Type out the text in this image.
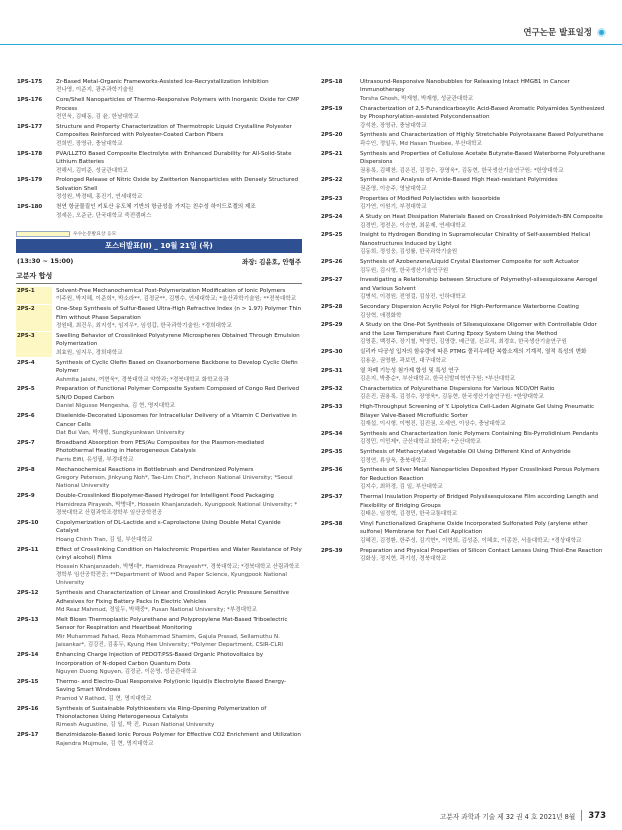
연구논문 발표일정
1PS-175	Zr-Based Metal-Organic Frameworks-Assisted Ice-Recrystallization Inhibition
전나영, 이준지, 광주과학기술원
1PS-176	Core/Shell Nanoparticles of Thermo-Responsive Polymers with Inorganic Oxide for CMP Process
전민욱, 김태동, 김 윤, 한남대학교
1PS-177	Structure and Property Characterization of Thermotropic Liquid Crystalline Polyester Composites Reinforced with Polyester-Coated Carbon Fibers
전희빈, 장영규, 충남대학교
1PS-178	PVA/LLZTO Based Composite Electrolyte with Enhanced Durability for All-Solid-State Lithium Batteries
전해서, 김미준, 성균관대학교
1PS-179	Prolonged Release of Nitric Oxide by Zwitterion Nanoparticles with Densely Structured Solvation Shell
정성원, 박경태, 홍진기, 연세대학교
1PS-180	천연 항균물질인 키토산 유도체 기반의 항균성을 가지는 친수성 하이드로겔의 제조
정세은, 오준균, 단국대학교 죽전캠퍼스
우수논문발표상 응모
포스터발표(II) _ 10월 21일 (목)
(13:30 ~ 15:00)	좌장: 김윤호, 안형주
고분자 합성
2PS-1	Solvent-Free Mechanochemical Post-Polymerization Modification of Ionic Polymers
이주원, 박지혜, 이준희*, 박소라**, 김정균**, 김병수, 연세대학교; *울산과학기술원; **전북대학교
2PS-2	One-Step Synthesis of Sulfur-Based Ultra-High Refractive Index (n > 1.97) Polymer Thin Film without Phase Separation
정원태, 최건우, 최지성*, 임지우*, 임성갑, 한국과학기술원; *경희대학교
2PS-3	Swelling Behavior of Crosslinked Polystyrene Microspheres Obtained Through Emulsion Polymerization
최효원, 임지우, 경희대학교
2PS-4	Synthesis of Cyclic Olefin Based on Oxanorbornene Backbone to Develop Cyclic Olefin Polymer
Ashmita Jaishi, 여현욱*, 경북대학교 약학과; *경북대학교 화학교육과
2PS-5	Preparation of Functional Polymer Composite System Composed of Congo Red Derived S/N/O Doped Carbon
Daniel Nigusse Mengesha, 김 현, 명지대학교
2PS-6	Diselenide-Decorated Liposomes for Intracellular Delivery of a Vitamin C Derivative in Cancer Cells
Dat Bui Van, 박재형, Sungkyunkwan University
2PS-7	Broadband Absorption from PES/Au Composites for the Plasmon-mediated Photothermal Heating in Heterogeneous Catalysis
Farris Elfil, 유성필, 부경대학교
2PS-8	Mechanochemical Reactions in Bottlebrush and Dendronized Polymers
Gregory Peterson, Jinkyung Noh*, Tae-Lim Choi*, Incheon National University; *Seoul National University
2PS-9	Double-Crosslinked Biopolymer-Based Hydrogel for Intelligent Food Packaging
Hamidreza Pirayesh, 박병대*, Hossein Khanjanzadeh, Kyungpook National University; *경북대학교 산림과학조경학부 임산공학전공
2PS-10	Copolymerization of DL-Lactide and ε-Caprolactone Using Double Metal Cyanide Catalyst
Hoang Chinh Tran, 김 일, 부산대학교
2PS-11	Effect of Crosslinking Condition on Halochromic Properties and Water Resistance of Poly (vinyl alcohol) Films
Hossein Khanjanzadeh, 박병대*, Hamidreza Pirayesh**, 경북대학교; *경북대학교 산림과학조경학부 임산공학전공; **Department of Wood and Paper Science, Kyungpook National University
2PS-12	Synthesis and Characterization of Linear and Crosslinked Acrylic Pressure Sensitive Adhesives for Fixing Battery Packs In Electric Vehicles
Md Reaz Mahmud, 정일두, 박해중*, Pusan National University; *부경대학교
2PS-13	Melt Blown Thermoplastic Polyurethane and Polypropylene Mat-Based Triboelectric Sensor for Respiration and Heartbeat Monitoring
Mir Muhammad Fahad, Reza Mohammad Shamim, Gajula Prasad, Sellamuthu N. Jaisankar*, 김강진, 김홍두, Kyung Hee University; *Polymer Department, CSIR-CLRI
2PS-14	Enhancing Charge Injection of PEDOT:PSS-Based Organic Photovoltaics by Incorporation of N-doped Carbon Quantum Dots
Nguyen Duong Nguyen, 김정균, 이은영, 성균관대학교
2PS-15	Thermo- and Electro-Dual Responsive Poly(ionic liquid)s Electrolyte Based Energy-Saving Smart Windows
Pramod V Rathod, 김 현, 명지대학교
2PS-16	Synthesis of Sustainable Polythioesters via Ring-Opening Polymerization of Thionolactones Using Heterogeneous Catalysts
Rimesh Augustine, 김 일, 박 진, Pusan National University
2PS-17	Benzimidazole-Based Ionic Porous Polymer for Effective CO2 Enrichment and Utilization
Rajendra Mujmule, 김 현, 명지대학교
2PS-18	Ultrasound-Responsive Nanobubbles for Releasing Intact HMGB1 in Cancer Immunotherapy
Torsha Ghosh, 박재형, 박재형, 성균관대학교
2PS-19	Characterization of 2,5-Furandicarboxylic Acid-Based Aromatic Polyamides Synthesized by Phosphorylation-assisted Polycondensation
강석찬, 장영규, 충남대학교
2PS-20	Synthesis and Characterization of Highly Stretchable Polyrotaxane Based Polyurethane
곽수인, 정일두, Md Hasan Truebee, 부산대학교
2PS-21	Synthesis and Properties of Cellulose Acetate Butyrate-Based Waterborne Polyurethane Dispersions
권용록, 김해찬, 김은진, 김정수, 장영욱*, 김동현, 한국생산기술연구원; *한양대학교
2PS-22	Synthesis and Analysis of Amide-Based High Heat-resistant Polyimides
권준영, 이승주, 영남대학교
2PS-23	Properties of Modified Polylactides with Isosorbide
김가연, 이원기, 부경대학교
2PS-24	A Study on Heat Dissipation Materials Based on Crosslinked Polyimide/h-BN Composite
김경빈, 정전은, 이승현, 최문제, 연세대학교
2PS-25	Insight to Hydrogen Bonding in Supramolecular Chirality of Self-assembled Helical Nanostructures Induced by Light
김동희, 정성웅, 김성률, 한국과학기술원
2PS-26	Synthesis of Azobenzene/Liquid Crystal Elastomer Composite for soft Actuator
김두원, 김시형, 한국생산기술연구원
2PS-27	Investigating a Relationship between Structure of Polymethyl-silsesquioxane Aerogel and Various Solvent
김병석, 이경원, 전영걸, 김상진, 인하대학교
2PS-28	Secondary Dispersion Acrylic Polyol for High-Performance Waterborne Coating
김상혁, 애경화학
2PS-29	A Study on the One-Pot Synthesis of Silsesquioxane Oligomer with Controllable Odor and the Low Temperature Fast Curing Epoxy System Using the Method
김영훈, 백정주, 장기철, 박영민, 김영량, 배근열, 신교직, 최경호, 한국생산기술연구원
2PS-30	실리카 다공성 입자의 함유량에 따른 PTMG 폴리우레탄 복합소재의 기계적, 열적 특성의 변화
김용운, 권영환, 곽보민, 대구대학교
2PS-31	열 차폐 기능성 첨가제 합성 및 특성 연구
김은지, 박충순*, 부산대학교, 한국신발피혁연구원; *부산대학교
2PS-32	Characteristics of Polyurethane Dispersions for Various NCO/OH Ratio
김은진, 권용록, 김정수, 장영욱*, 김동현, 한국생산기술연구원; *한양대학교
2PS-33	High-Throughput Screening of Y. Lipolytica Cell-Laden Alginate Gel Using Pneumatic Bilayer Valve-Based Microfluidic Sorter
김재섭, 이시형, 이병진, 김진권, 오세연, 이상수, 충남대학교
2PS-34	Synthesis and Characterization Ionic Polymers Containing Bis-Pyrrolidinium Pendants
김정민, 이민제*, 군산대학교 화학과; *군산대학교
2PS-35	Synthesis of Methacrylated Vegetable Oil Using Different Kind of Anhydride
김정연, 류상욱, 충북대학교
2PS-36	Synthesis of Silver Metal Nanoparticles Deposited Hyper Crosslinked Porous Polymers for Reduction Reaction
김지수, 최하경, 김 일, 부산대학교
2PS-37	Thermal Insulation Property of Bridged Polysilsesquioxane Film according Length and Flexibility of Bridging Groups
김태은, 임정혁, 김경민, 한국교통대학교
2PS-38	Vinyl Functionalized Graphene Oxide Incorporated Sulfonated Poly (arylene ether sulfone) Membrane for Fuel Cell Application
김혜진, 김정환, 한주성, 김기현*, 이현희, 김성준, 이혜호, 이종찬, 서울대학교; *경상대학교
2PS-39	Preparation and Physical Properties of Silicon Contact Lenses Using Thiol-Ene Reaction
김화상, 정지현, 곽기성, 경북대학교
고분자 과학과 기술 제 32 권 4 호 2021년 8월 373
